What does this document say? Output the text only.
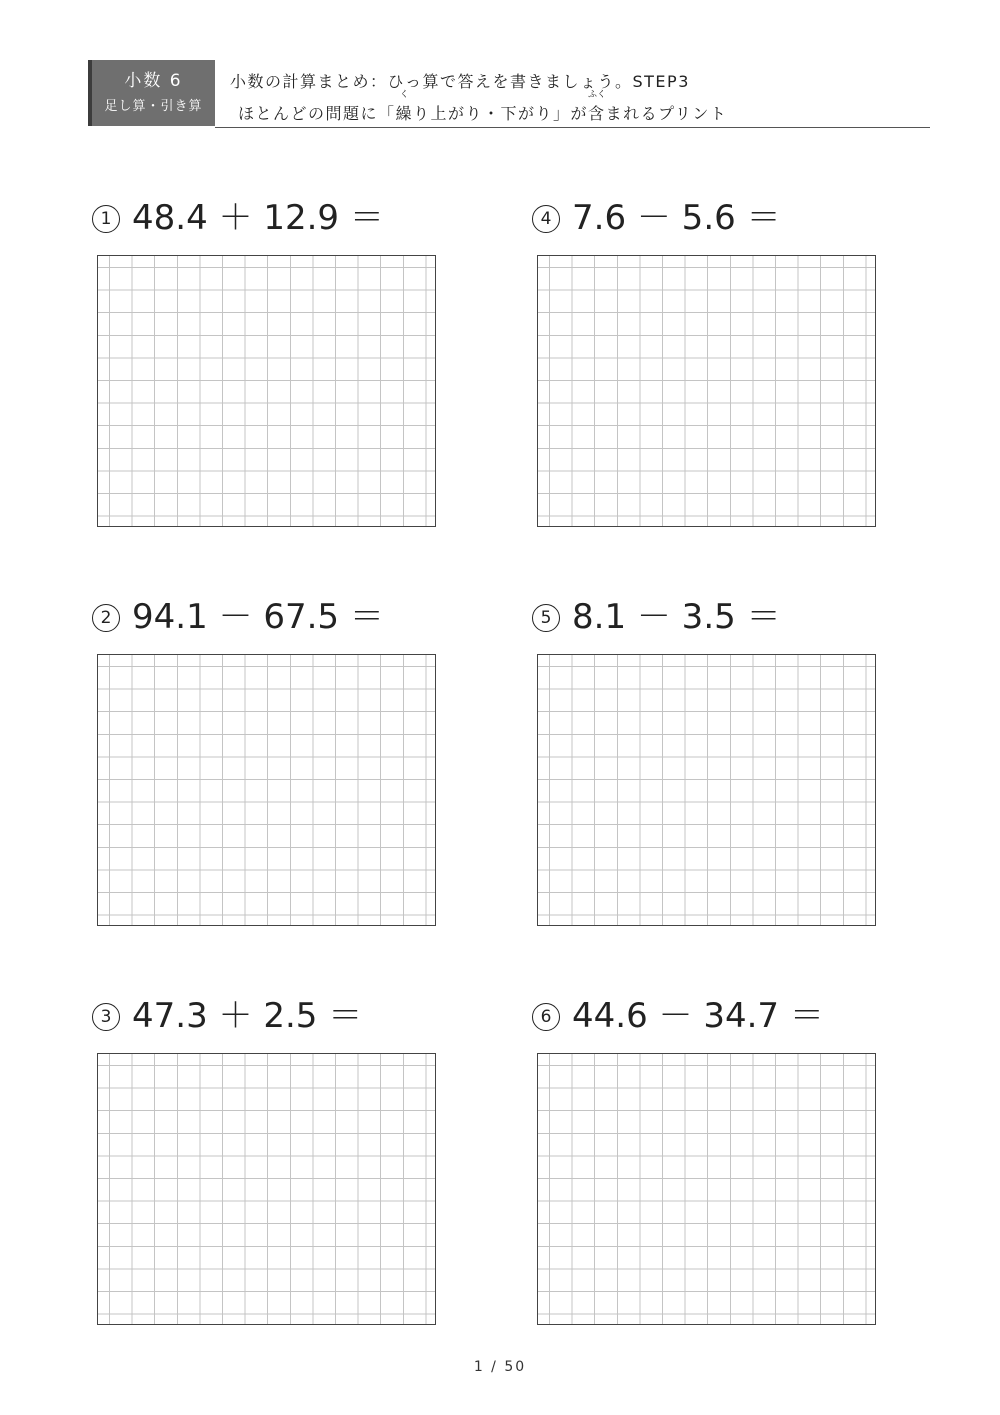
小数 6
足し算・引き算
小数の計算まとめ：ひっ算で答えを書きましょう。STEP3
ほとんどの問題に「
く
繰り上がり・下がり」が
ふく
含まれるプリント
1 48.4 ＋ 12.9 ＝
2 94.1 － 67.5 ＝
3 47.3 ＋ 2.5 ＝
4 7.6 － 5.6 ＝
5 8.1 － 3.5 ＝
6 44.6 － 34.7 ＝
1 / 50
